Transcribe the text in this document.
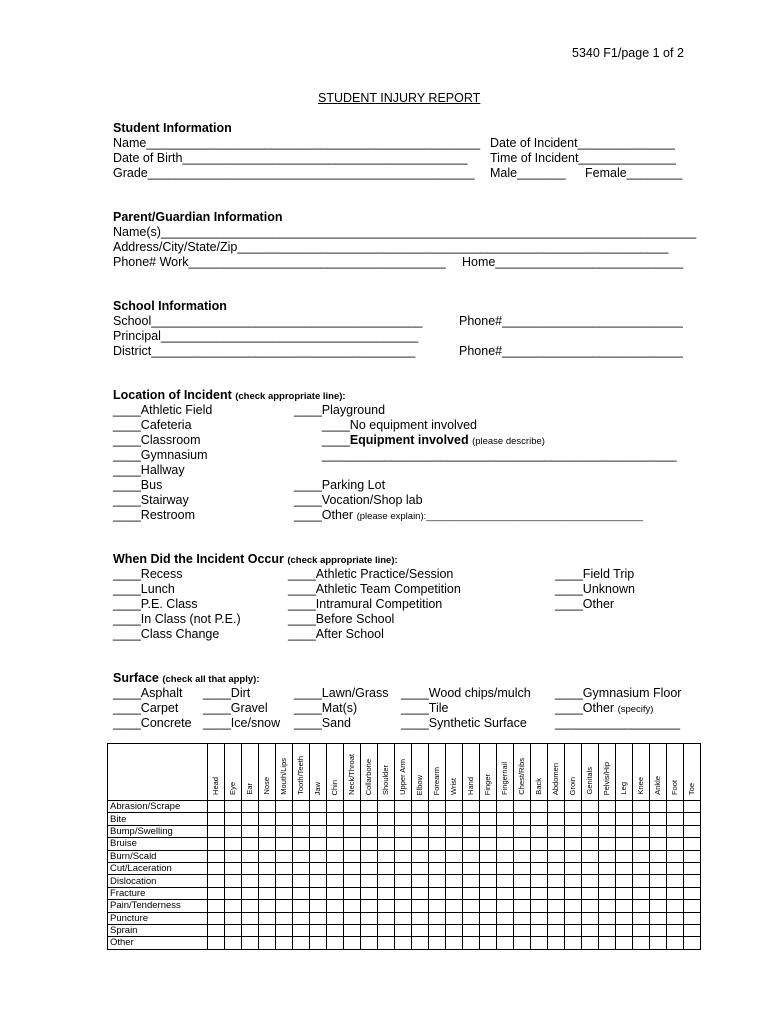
5340 F1/page 1 of 2
STUDENT INJURY REPORT
Student Information
Name________________________________________________
Date of Birth_________________________________________
Grade_______________________________________________
Date of Incident______________
Time of Incident______________
Male_______ Female________
Parent/Guardian Information
Name(s)_____________________________________________________________________________
Address/City/State/Zip______________________________________________________________
Phone# Work_____________________________________ Home___________________________
School Information
School_______________________________________
Principal_____________________________________
District______________________________________
Phone#__________________________
Phone#__________________________
Location of Incident (check appropriate line):
____Athletic Field
____Cafeteria
____Classroom
____Gymnasium
____Hallway
____Bus
____Stairway
____Restroom
____Playground
____No equipment involved
____Equipment involved (please describe)
___________________________________________________
____Parking Lot
____Vocation/Shop lab
____Other (please explain):_________________________________________
When Did the Incident Occur (check appropriate line):
____Recess
____Lunch
____P.E. Class
____In Class (not P.E.)
____Class Change
____Athletic Practice/Session
____Athletic Team Competition
____Intramural Competition
____Before School
____After School
____Field Trip
____Unknown
____Other
Surface (check all that apply):
____Asphalt
____Carpet
____Concrete
____Dirt
____Gravel
____Ice/snow
____Lawn/Grass
____Mat(s)
____Sand
____Wood chips/mulch
____Tile
____Synthetic Surface
____Gymnasium Floor
____Other (specify)
__________________
	Head	Eye	Ear	Nose	Mouth/Lips	Tooth/Teeth	Jaw	Chin	Neck/Throat	Collarbone	Shoulder	Upper Arm	Elbow	Forearm	Wrist	Hand	Finger	Fingernail	Chest/Ribs	Back	Abdomen	Groin	Genitals	Pelvis/Hip	Leg	Knee	Ankle	Foot	Toe
Abrasion/Scrape																													
Bite																													
Bump/Swelling																													
Bruise																													
Burn/Scald																													
Cut/Laceration																													
Dislocation																													
Fracture																													
Pain/Tenderness																													
Puncture																													
Sprain																													
Other																													
